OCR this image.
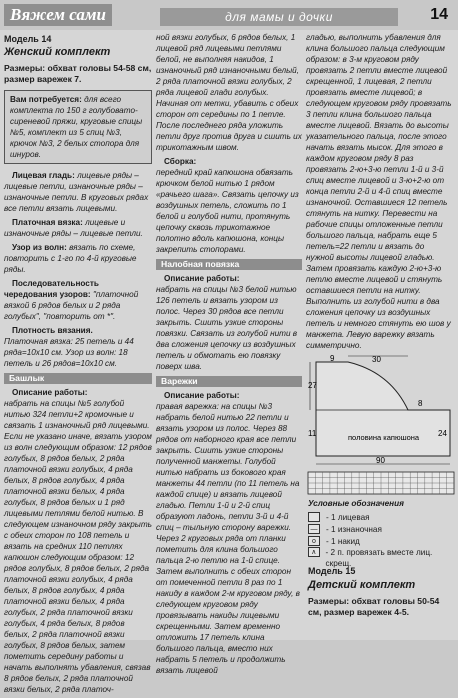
Вяжем сами	для мамы и дочки	14
Модель 14
Женский комплект
Размеры: обхват головы 54-58 см, размер варежек 7.
Вам потребуется: для всего комплекта по 150 г голубовато-сиреневой пряжи, круговые спицы №5, комплект из 5 спиц №3, крючок №3, 2 белых стопора для шнуров.

Лицевая гладь: лицевые ряды – лицевые петли, изнаночные ряды – изнаночные петли. В круговых рядах все петли вязать лицевыми.

Платочная вязка: лицевые и изнаночные ряды – лицевые петли.

Узор из волн: вязать по схеме, повторить с 1-го по 4-й круговые ряды.

Последовательность чередования узоров: "платочной вязкой 6 рядов белых и 2 ряда голубых", "повторить от *".

Плотность вязания.
Платочная вязка: 25 петель и 44 ряда=10х10 см. Узор из волн: 18 петель и 26 рядов=10х10 см.

Башлык

Описание работы:
набрать на спицы №5 голубой нитью 324 петли+2 кромочные и связать 1 изнаночный ряд лицевыми. Если не указано иначе, вязать узором из волн следующим образом: 12 рядов голубых, 8 рядов белых, 2 ряда платочной вязки голубых, 4 ряда белых, 8 рядов голубых, 4 ряда платочной вязки белых, 4 ряда голубых, 8 рядов белых и 1 ряд лицевыми петлями белой нитью. В следующем изнаночном ряду закрыть с обеих сторон по 108 петель и вязать на средних 110 петлях капюшон следующим образом: 12 рядов голубых, 8 рядов белых, 2 ряда платочной вязки голубых, 4 ряда белых, 8 рядов голубых, 4 ряда платочной вязки белых, 4 ряда голубых, 2 ряда платочной вязки голубых, 4 ряда белых, 8 рядов белых, 2 ряда платочной вязки голубых, 8 рядов белых, затем пометить середину работы и начать выполнять убавления, связав 8 рядов белых, 2 ряда платочной вязки белых, 2 ряда платоч-

ной вязки голубых, 6 рядов белых, 1 лицевой ряд лицевыми петлями белой, не выполняя накидов, 1 изнаночный ряд изнаночными белый, 2 ряда платочной вязки голубых, 2 ряда лицевой глади голубых. Начиная от метки, убавить с обеих сторон от середины по 1 петле. После последнего ряда уложить петли друг против друга и сшить их трикотажным швом.

Сборка:
передний край капюшона обвязать крючком белой нитью 1 рядом «рачьего шага». Связать цепочку из воздушных петель, сложить по 1 белой и голубой нити, протянуть цепочку сквозь трикотажное полотно вдоль капюшона, концы закрепить стопорами.

Налобная повязка

Описание работы:
набрать на спицы №3 белой нитью 126 петель и вязать узором из полос. Через 30 рядов все петли закрыть. Сшить узкие стороны повязки. Связать из голубой нити в два сложения цепочку из воздушных петель и обмотать ею повязку поверх шва.

Варежки

Описание работы:
правая варежка: на спицы №3 набрать белой нитью 22 петли и вязать узором из полос. Через 88 рядов от наборного края все петли закрыть. Сшить узкие стороны полученной манжеты. Голубой нитью набрать из бокового края манжеты 44 петли (по 11 петель на каждой спице) и вязать лицевой гладью. Петли 1-й и 2-й спиц образуют ладонь, петли 3-й и 4-й спиц – тыльную сторону варежки. Через 2 круговых ряда от планки пометить для клина большого пальца 2-ю петлю на 1-й спице. Затем выполнить с обеих сторон от помеченной петли 8 раз по 1 накиду в каждом 2-м круговом ряду, в следующем круговом ряду провязывать накиды лицевыми скрещенными. Затем временно отложить 17 петель клина большого пальца, вместо них набрать 5 петель и продолжить вязать лицевой

гладью, выполнить убавления для клина большого пальца следующим образом: в 3-м круговом ряду провязать 2 петли вместе лицевой скрещенной, 1 лицевая, 2 петли провязать вместе лицевой; в следующем круговом ряду провязать 3 петли клина большого пальца вместе лицевой. Вязать до высоты указательного пальца, после этого начать вязать мысок. Для этого в каждом круговом ряду 8 раз провязать 2-ю+3-ю петли 1-й и 3-й спиц вместе лицевой и 3-ю+2-ю от конца петли 2-й и 4-й спиц вместе изнаночной. Оставшиеся 12 петель стянуть на нитку. Перевести на рабочие спицы отложенные петли большого пальца, набрать еще 5 петель=22 петли и вязать до нужной высоты лицевой гладью. Затем провязать каждую 2-ю+3-ю петлю вместе лицевой и стянуть оставшиеся петли на нитку. Выполнить из голубой нити в два сложения цепочку из воздушных петель и немного стянуть ею шов у манжета. Левую варежку вязать симметрично.

9	30
27
11
8
24
90
половина капюшона
Условные обозначения
- 1 лицевая
—	- 1 изнаночная
o	- 1 накид
∧	- 2 п. провязать вместе лиц. скрещ.
Модель 15
Детский комплект
Размеры: обхват головы 50-54 см, размер варежек 4-5.
